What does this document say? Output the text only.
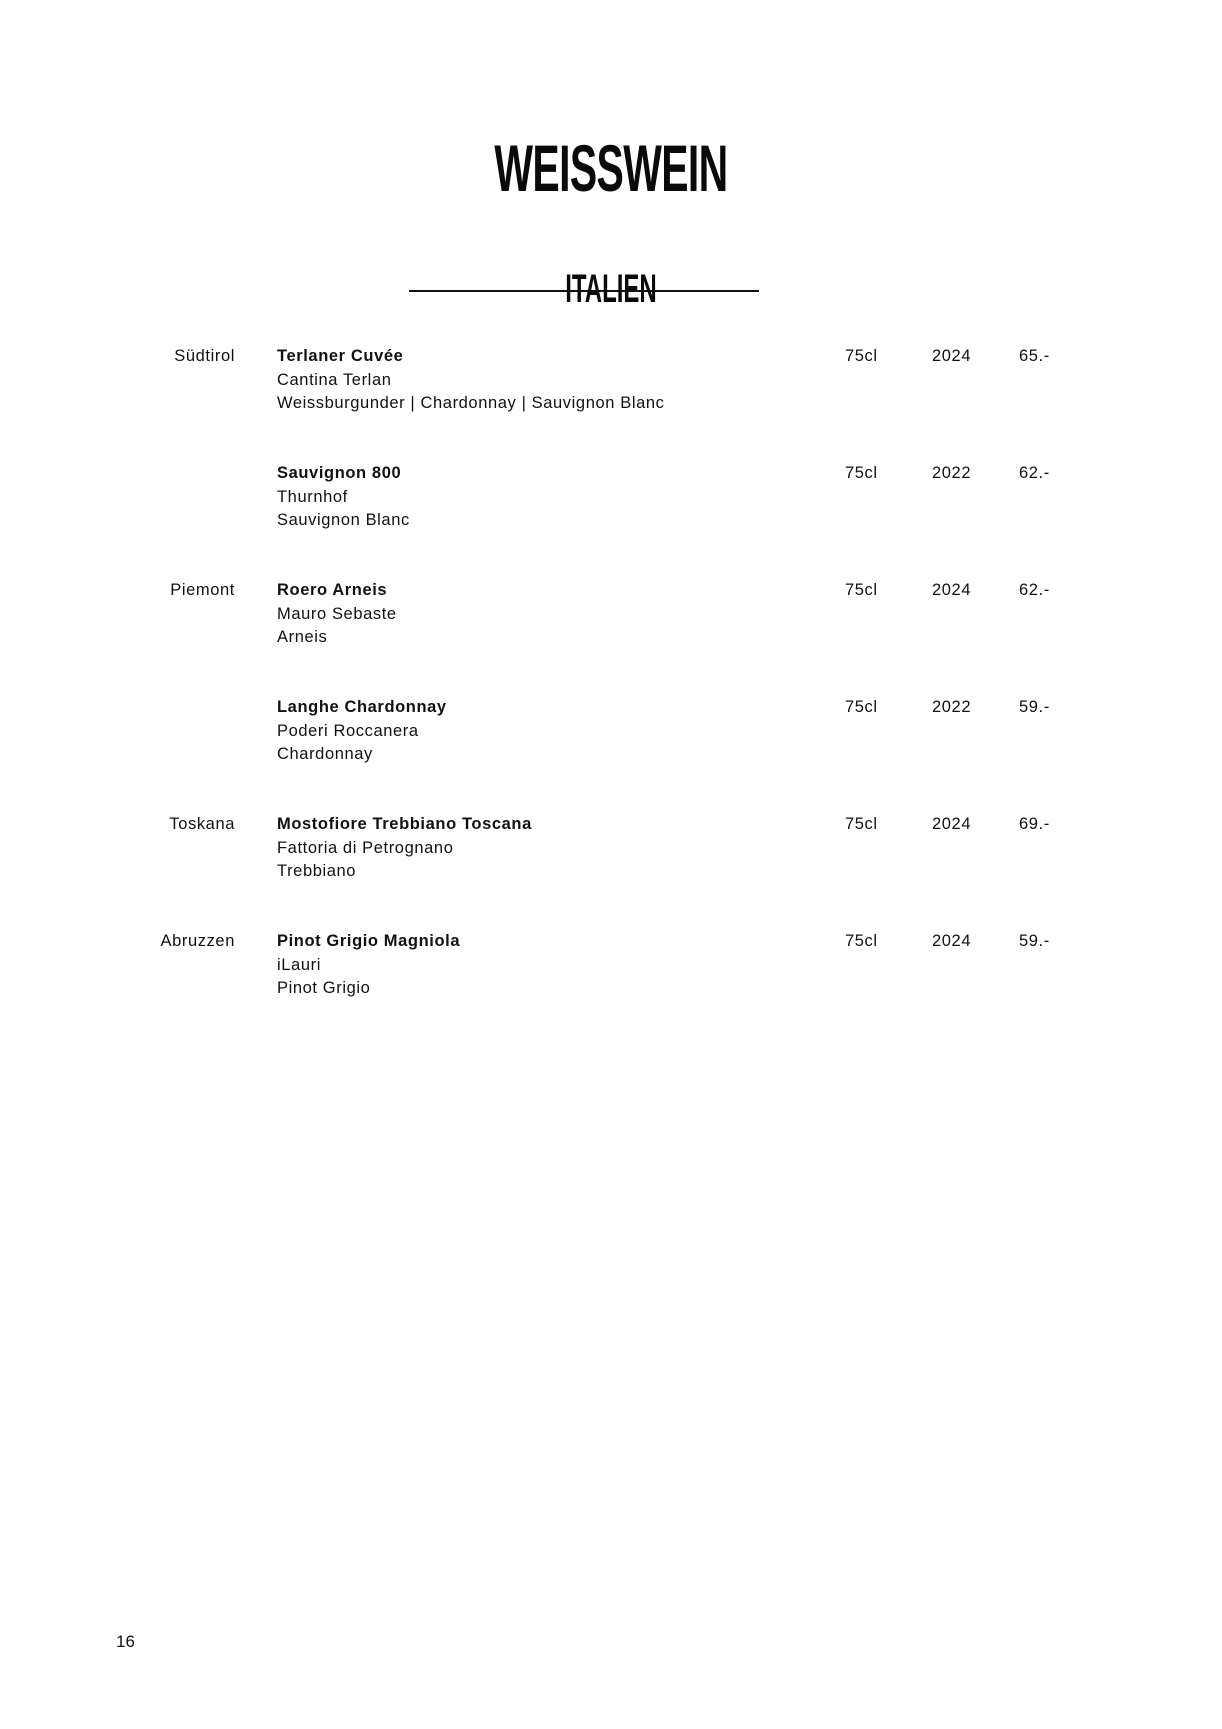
WEISSWEIN
ITALIEN
Südtirol	Terlaner Cuvée
Cantina Terlan
Weissburgunder | Chardonnay | Sauvignon Blanc
75cl	2024	65.-
Sauvignon 800
Thurnhof
Sauvignon Blanc
75cl	2022	62.-
Piemont	Roero Arneis
Mauro Sebaste
Arneis
75cl	2024	62.-
Langhe Chardonnay
Poderi Roccanera
Chardonnay
75cl	2022	59.-
Toskana	Mostofiore Trebbiano Toscana
Fattoria di Petrognano
Trebbiano
75cl	2024	69.-
Abruzzen	Pinot Grigio Magniola
iLauri
Pinot Grigio
75cl	2024	59.-
16
